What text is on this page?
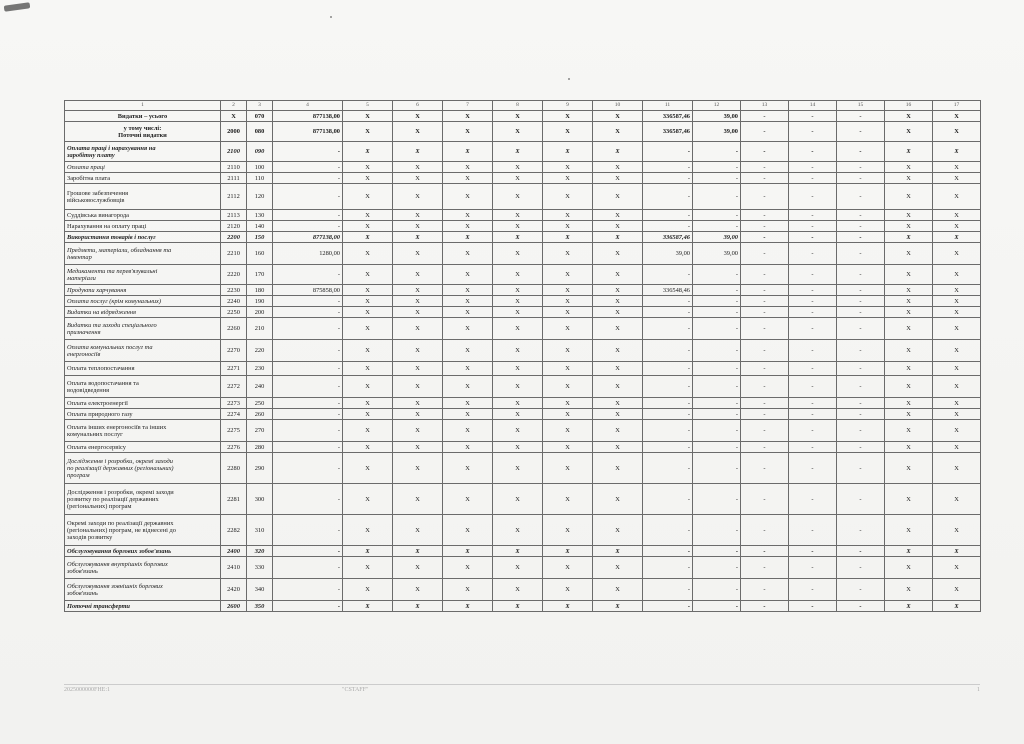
1	2	3	4	5	6	7	8	9	10	11	12	13	14	15	16	17
Видатки – усього	X	070	877138,00	X	X	X	X	X	X	336587,46	39,00	-	-	-	X	X
у тому числі:
Поточні видатки	2000	080	877138,00	X	X	X	X	X	X	336587,46	39,00	-	-	-	X	X
Оплата праці і нарахування на
заробітну плату	2100	090	-	X	X	X	X	X	X	-	-	-	-	-	X	X
Оплата праці	2110	100	-	X	X	X	X	X	X	-	-	-	-	-	X	X
Заробітна плата	2111	110	-	X	X	X	X	X	X	-	-	-	-	-	X	X
Грошове забезпечення
військовослужбовців	2112	120	-	X	X	X	X	X	X	-	-	-	-	-	X	X
Суддівська винагорода	2113	130	-	X	X	X	X	X	X	-	-	-	-	-	X	X
Нарахування на оплату праці	2120	140	-	X	X	X	X	X	X	-	-	-	-	-	X	X
Використання товарів і послуг	2200	150	877138,00	X	X	X	X	X	X	336587,46	39,00	-	-	-	X	X
Предмети, матеріали, обладнання та
інвентар	2210	160	1280,00	X	X	X	X	X	X	39,00	39,00	-	-	-	X	X
Медикаменти та перев'язувальні
матеріали	2220	170	-	X	X	X	X	X	X	-	-	-	-	-	X	X
Продукти харчування	2230	180	875858,00	X	X	X	X	X	X	336548,46	-	-	-	-	X	X
Оплата послуг (крім комунальних)	2240	190	-	X	X	X	X	X	X	-	-	-	-	-	X	X
Видатки на відрядження	2250	200	-	X	X	X	X	X	X	-	-	-	-	-	X	X
Видатки та заходи спеціального
призначення	2260	210	-	X	X	X	X	X	X	-	-	-	-	-	X	X
Оплата комунальних послуг та
енергоносіїв	2270	220	-	X	X	X	X	X	X	-	-	-	-	-	X	X
Оплата теплопостачання	2271	230	-	X	X	X	X	X	X	-	-	-	-	-	X	X
Оплата водопостачання та
водовідведення	2272	240	-	X	X	X	X	X	X	-	-	-	-	-	X	X
Оплата електроенергії	2273	250	-	X	X	X	X	X	X	-	-	-	-	-	X	X
Оплата природного газу	2274	260	-	X	X	X	X	X	X	-	-	-	-	-	X	X
Оплата інших енергоносіїв та інших
комунальних послуг	2275	270	-	X	X	X	X	X	X	-	-	-	-	-	X	X
Оплата енергосервісу	2276	280	-	X	X	X	X	X	X	-	-	-	-	-	X	X
Дослідження і розробки, окремі заходи
по реалізації державних (регіональних)
програм	2280	290	-	X	X	X	X	X	X	-	-	-	-	-	X	X
Дослідження і розробки, окремі заходи
розвитку по реалізації державних
(регіональних) програм	2281	300	-	X	X	X	X	X	X	-	-	-	-	-	X	X
Окремі заходи по реалізації державних
(регіональних) програм, не віднесені до
заходів розвитку	2282	310	-	X	X	X	X	X	X	-	-	-	-	-	X	X
Обслуговування боргових зобов'язань	2400	320	-	X	X	X	X	X	X	-	-	-	-	-	X	X
Обслуговування внутрішніх боргових
зобов'язань	2410	330	-	X	X	X	X	X	X	-	-	-	-	-	X	X
Обслуговування зовнішніх боргових
зобов'язань	2420	340	-	X	X	X	X	X	X	-	-	-	-	-	X	X
Поточні трансферти	2600	350	-	X	X	X	X	X	X	-	-	-	-	-	X	X
2025000000FHЕ:1	"CSTAFF"	1
